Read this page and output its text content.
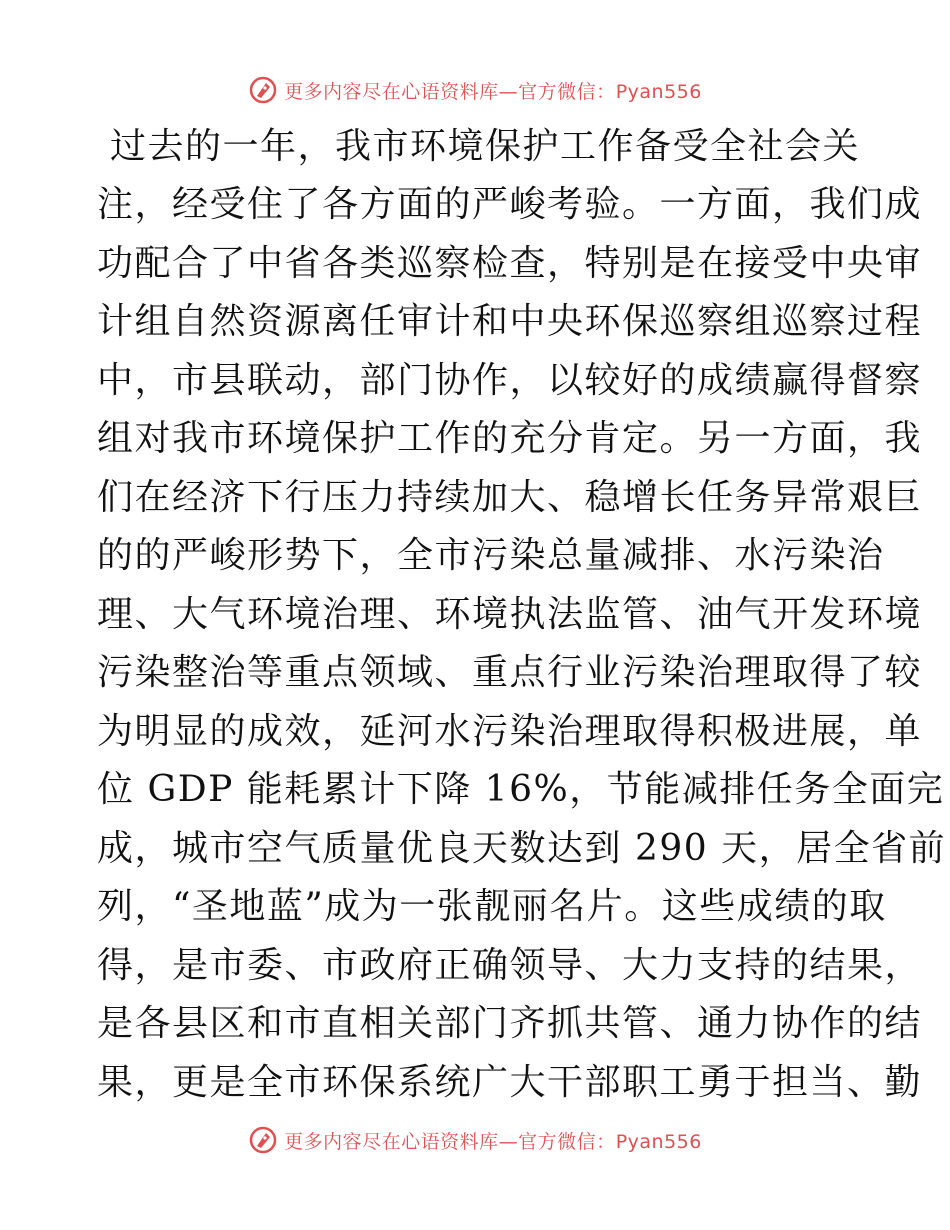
更多内容尽在心语资料库—官方微信：Pyan556
过去的一年，我市环境保护工作备受全社会关
注，经受住了各方面的严峻考验。一方面，我们成
功配合了中省各类巡察检查，特别是在接受中央审
计组自然资源离任审计和中央环保巡察组巡察过程
中，市县联动，部门协作，以较好的成绩赢得督察
组对我市环境保护工作的充分肯定。另一方面，我
们在经济下行压力持续加大、稳增长任务异常艰巨
的的严峻形势下，全市污染总量减排、水污染治
理、大气环境治理、环境执法监管、油气开发环境
污染整治等重点领域、重点行业污染治理取得了较
为明显的成效，延河水污染治理取得积极进展，单
位 GDP 能耗累计下降 16%，节能减排任务全面完
成，城市空气质量优良天数达到 290 天，居全省前
列，“圣地蓝”成为一张靓丽名片。这些成绩的取
得，是市委、市政府正确领导、大力支持的结果，
是各县区和市直相关部门齐抓共管、通力协作的结
果，更是全市环保系统广大干部职工勇于担当、勤
更多内容尽在心语资料库—官方微信：Pyan556
